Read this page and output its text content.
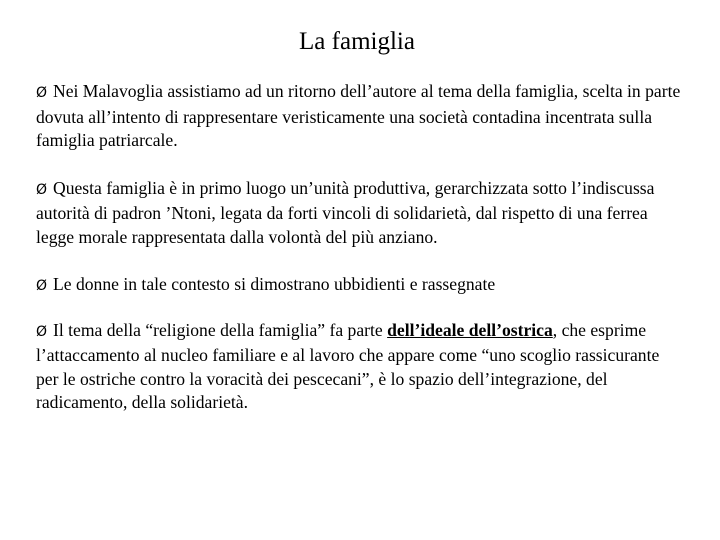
La famiglia

Ø Nei Malavoglia assistiamo ad un ritorno dell’autore al tema della famiglia, scelta in parte dovuta all’intento di rappresentare veristicamente una società contadina incentrata sulla famiglia patriarcale.

Ø Questa famiglia è in primo luogo un’unità produttiva, gerarchizzata sotto l’indiscussa autorità di padron ’Ntoni, legata da forti vincoli di solidarietà, dal rispetto di una ferrea legge morale rappresentata dalla volontà del più anziano.

Ø Le donne in tale contesto si dimostrano ubbidienti e rassegnate

Ø Il tema della “religione della famiglia” fa parte dell’ideale dell’ostrica, che esprime l’attaccamento al nucleo familiare e al lavoro che appare come “uno scoglio rassicurante per le ostriche contro la voracità dei pescecani”, è lo spazio dell’integrazione, del radicamento, della solidarietà.
